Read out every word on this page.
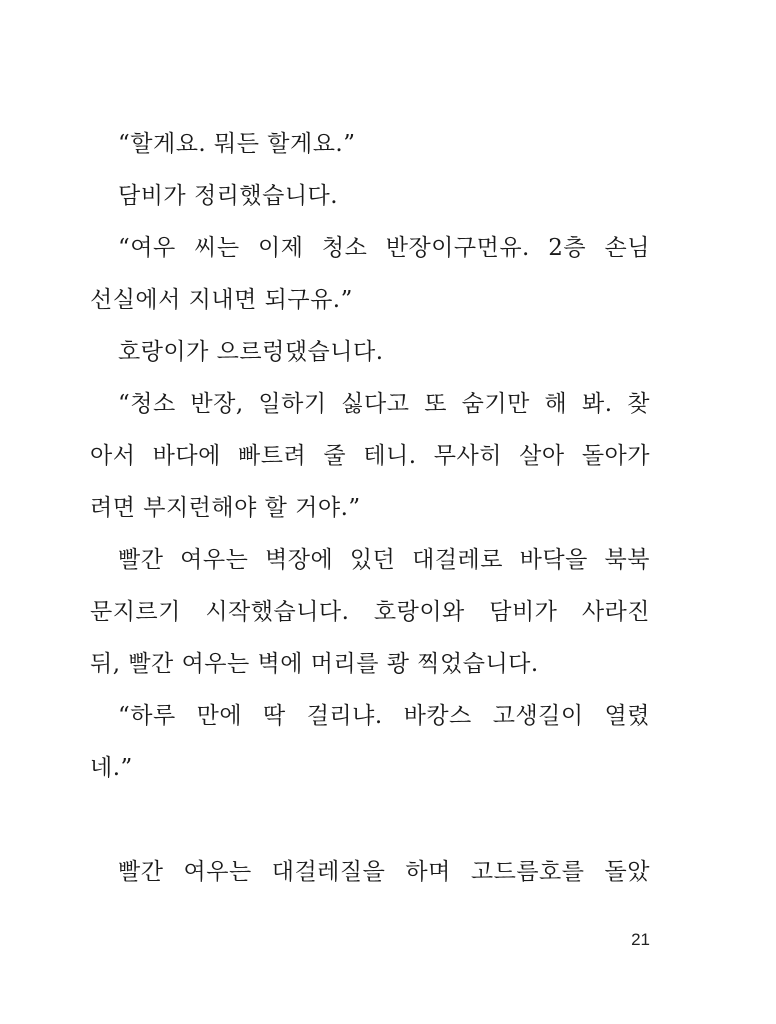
“할게요. 뭐든 할게요.”
담비가 정리했습니다.
“여우 씨는 이제 청소 반장이구먼유. 2층 손님
선실에서 지내면 되구유.”
호랑이가 으르렁댔습니다.
“청소 반장, 일하기 싫다고 또 숨기만 해 봐. 찾
아서 바다에 빠트려 줄 테니. 무사히 살아 돌아가
려면 부지런해야 할 거야.”
빨간 여우는 벽장에 있던 대걸레로 바닥을 북북
문지르기 시작했습니다. 호랑이와 담비가 사라진
뒤, 빨간 여우는 벽에 머리를 쾅 찍었습니다.
“하루 만에 딱 걸리냐. 바캉스 고생길이 열렸
네.”
빨간 여우는 대걸레질을 하며 고드름호를 돌았
21
